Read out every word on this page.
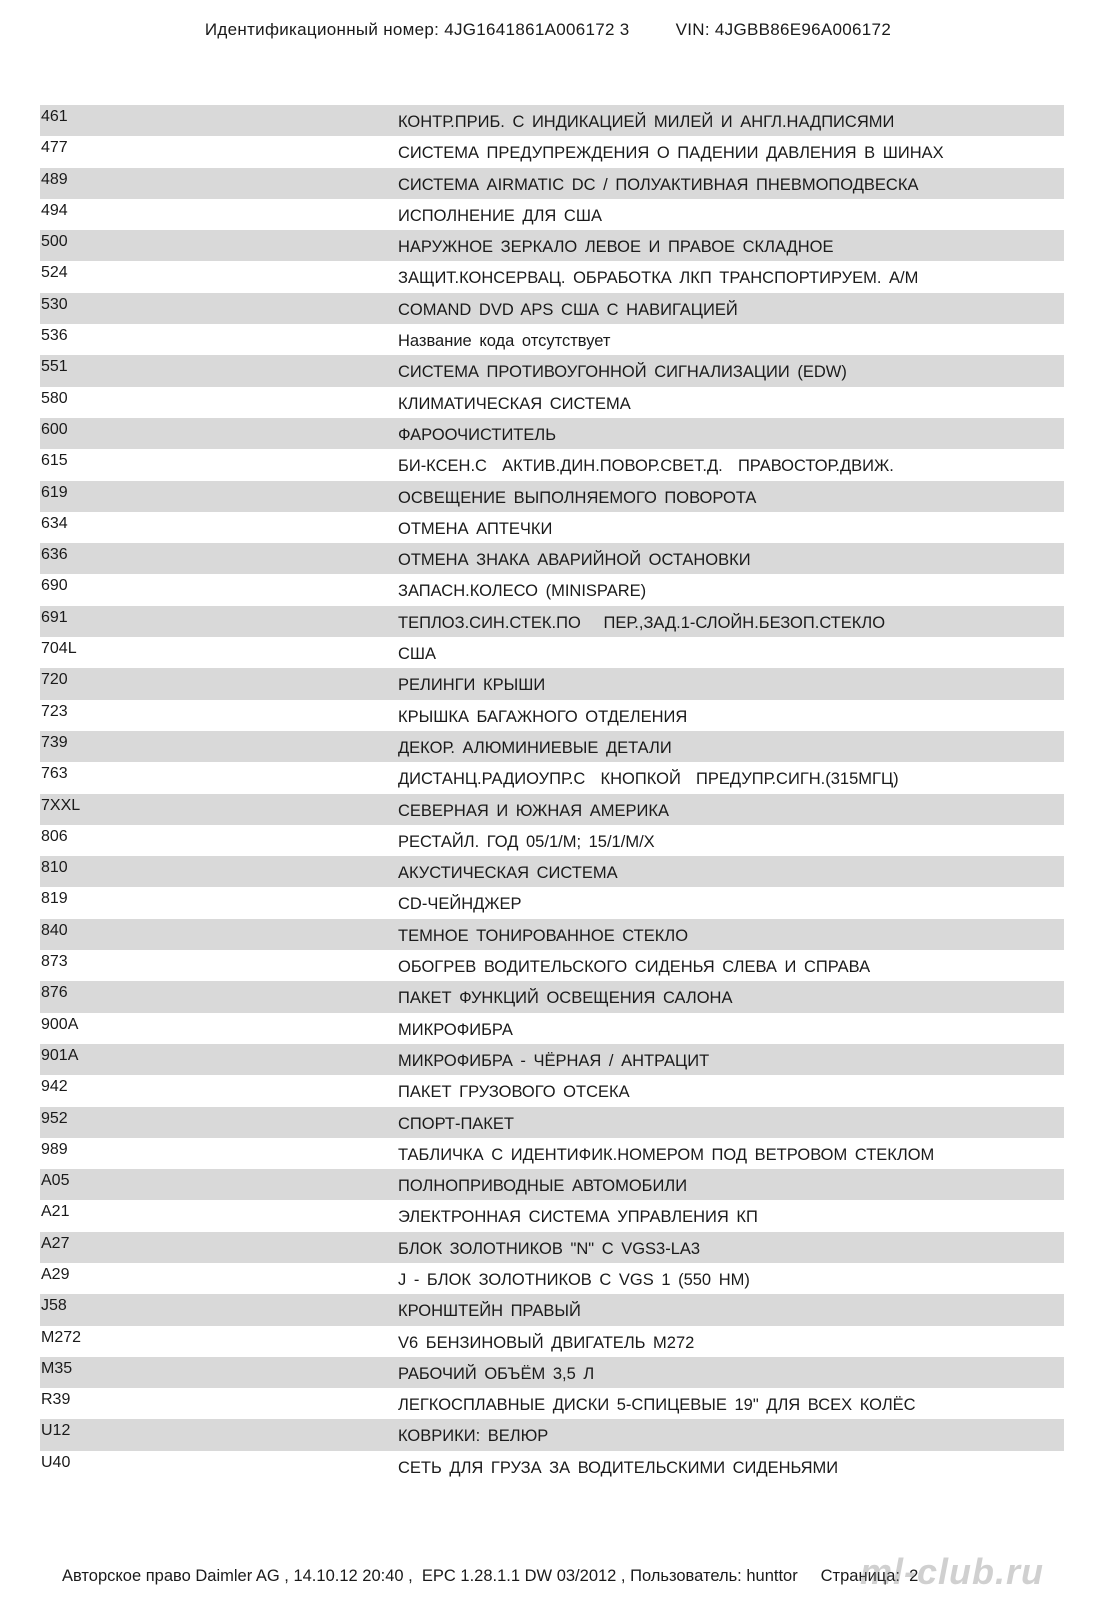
Идентификационный номер: 4JG1641861A006172 3	VIN: 4JGBB86E96A006172
461	КОНТР.ПРИБ. С ИНДИКАЦИЕЙ МИЛЕЙ И АНГЛ.НАДПИСЯМИ
477	СИСТЕМА ПРЕДУПРЕЖДЕНИЯ О ПАДЕНИИ ДАВЛЕНИЯ В ШИНАХ
489	СИСТЕМА AIRMATIC DC / ПОЛУАКТИВНАЯ ПНЕВМОПОДВЕСКА
494	ИСПОЛНЕНИЕ ДЛЯ США
500	НАРУЖНОЕ ЗЕРКАЛО ЛЕВОЕ И ПРАВОЕ СКЛАДНОЕ
524	ЗАЩИТ.КОНСЕРВАЦ. ОБРАБОТКА ЛКП ТРАНСПОРТИРУЕМ. А/М
530	COMAND DVD APS США С НАВИГАЦИЕЙ
536	Название кода отсутствует
551	СИСТЕМА ПРОТИВОУГОННОЙ СИГНАЛИЗАЦИИ (EDW)
580	КЛИМАТИЧЕСКАЯ СИСТЕМА
600	ФАРООЧИСТИТЕЛЬ
615	БИ-КСЕН.С  АКТИВ.ДИН.ПОВОР.СВЕТ.Д.  ПРАВОСТОР.ДВИЖ.
619	ОСВЕЩЕНИЕ ВЫПОЛНЯЕМОГО ПОВОРОТА
634	ОТМЕНА АПТЕЧКИ
636	ОТМЕНА ЗНАКА АВАРИЙНОЙ ОСТАНОВКИ
690	ЗАПАСН.КОЛЕСО (MINISPARE)
691	ТЕПЛОЗ.СИН.СТЕК.ПО   ПЕР.,ЗАД.1-СЛОЙН.БЕЗОП.СТЕКЛО
704L	США
720	РЕЛИНГИ КРЫШИ
723	КРЫШКА БАГАЖНОГО ОТДЕЛЕНИЯ
739	ДЕКОР. АЛЮМИНИЕВЫЕ ДЕТАЛИ
763	ДИСТАНЦ.РАДИОУПР.С  КНОПКОЙ  ПРЕДУПР.СИГН.(315МГЦ)
7XXL	СЕВЕРНАЯ И ЮЖНАЯ АМЕРИКА
806	РЕСТАЙЛ. ГОД 05/1/М; 15/1/М/Х
810	АКУСТИЧЕСКАЯ СИСТЕМА
819	CD-ЧЕЙНДЖЕР
840	ТЕМНОЕ ТОНИРОВАННОЕ СТЕКЛО
873	ОБОГРЕВ ВОДИТЕЛЬСКОГО СИДЕНЬЯ СЛЕВА И СПРАВА
876	ПАКЕТ ФУНКЦИЙ ОСВЕЩЕНИЯ САЛОНА
900A	МИКРОФИБРА
901A	МИКРОФИБРА - ЧЁРНАЯ / АНТРАЦИТ
942	ПАКЕТ ГРУЗОВОГО ОТСЕКА
952	СПОРТ-ПАКЕТ
989	ТАБЛИЧКА С ИДЕНТИФИК.НОМЕРОМ ПОД ВЕТРОВОМ СТЕКЛОМ
A05	ПОЛНОПРИВОДНЫЕ АВТОМОБИЛИ
A21	ЭЛЕКТРОННАЯ СИСТЕМА УПРАВЛЕНИЯ КП
A27	БЛОК ЗОЛОТНИКОВ "N" С VGS3-LA3
A29	J - БЛОК ЗОЛОТНИКОВ С VGS 1 (550 НМ)
J58	КРОНШТЕЙН ПРАВЫЙ
M272	V6 БЕНЗИНОВЫЙ ДВИГАТЕЛЬ M272
M35	РАБОЧИЙ ОБЪЁМ 3,5 Л
R39	ЛЕГКОСПЛАВНЫЕ ДИСКИ 5-СПИЦЕВЫЕ 19" ДЛЯ ВСЕХ КОЛЁС
U12	КОВРИКИ: ВЕЛЮР
U40	СЕТЬ ДЛЯ ГРУЗА ЗА ВОДИТЕЛЬСКИМИ СИДЕНЬЯМИ
Авторское право Daimler AG , 14.10.12 20:40 ,  EPC 1.28.1.1 DW 03/2012 , Пользователь: hunttor     Страница:  2
ml-club.ru
